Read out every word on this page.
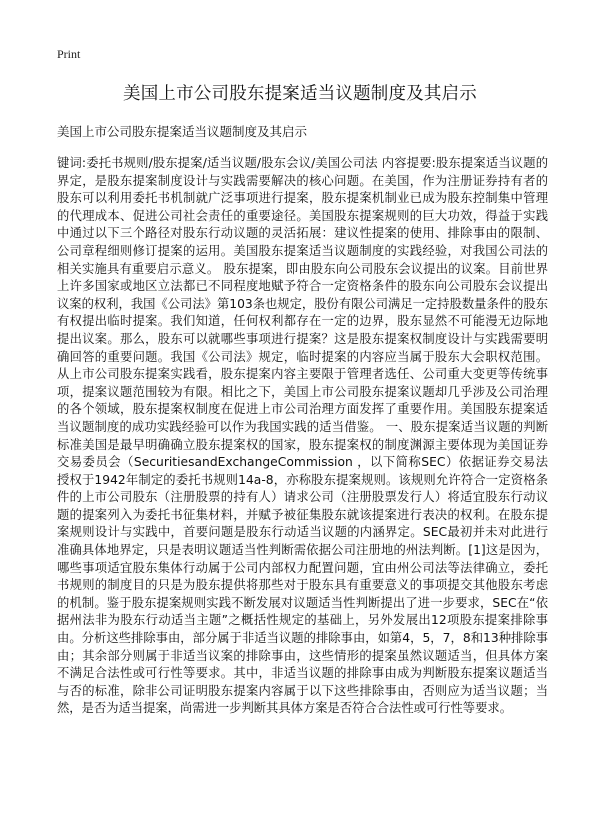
Print
美国上市公司股东提案适当议题制度及其启示
美国上市公司股东提案适当议题制度及其启示

键词:委托书规则/股东提案/适当议题/股东会议/美国公司法 内容提要:股东提案适当议题的界定，是股东提案制度设计与实践需要解决的核心问题。在美国，作为注册证券持有者的股东可以利用委托书机制就广泛事项进行提案，股东提案机制业已成为股东控制集中管理的代理成本、促进公司社会责任的重要途径。美国股东提案规则的巨大功效，得益于实践中通过以下三个路径对股东行动议题的灵活拓展：建议性提案的使用、排除事由的限制、公司章程细则修订提案的运用。美国股东提案适当议题制度的实践经验，对我国公司法的相关实施具有重要启示意义。 股东提案，即由股东向公司股东会议提出的议案。目前世界上许多国家或地区立法都已不同程度地赋予符合一定资格条件的股东向公司股东会议提出议案的权利，我国《公司法》第103条也规定，股份有限公司满足一定持股数量条件的股东有权提出临时提案。我们知道，任何权利都存在一定的边界，股东显然不可能漫无边际地提出议案。那么，股东可以就哪些事项进行提案？这是股东提案权制度设计与实践需要明确回答的重要问题。我国《公司法》规定，临时提案的内容应当属于股东大会职权范围。从上市公司股东提案实践看，股东提案内容主要限于管理者选任、公司重大变更等传统事项，提案议题范围较为有限。相比之下，美国上市公司股东提案议题却几乎涉及公司治理的各个领域，股东提案权制度在促进上市公司治理方面发挥了重要作用。美国股东提案适当议题制度的成功实践经验可以作为我国实践的适当借鉴。 一、股东提案适当议题的判断标准美国是最早明确确立股东提案权的国家，股东提案权的制度渊源主要体现为美国证券交易委员会（SecuritiesandExchangeCommission ，以下简称SEC）依据证券交易法授权于1942年制定的委托书规则14a-8，亦称股东提案规则。该规则允许符合一定资格条件的上市公司股东（注册股票的持有人）请求公司（注册股票发行人）将适宜股东行动议题的提案列入为委托书征集材料，并赋予被征集股东就该提案进行表决的权利。在股东提案规则设计与实践中，首要问题是股东行动适当议题的内涵界定。SEC最初并未对此进行准确具体地界定，只是表明议题适当性判断需依据公司注册地的州法判断。[1]这是因为，哪些事项适宜股东集体行动属于公司内部权力配置问题，宜由州公司法等法律确立，委托书规则的制度目的只是为股东提供将那些对于股东具有重要意义的事项提交其他股东考虑的机制。鉴于股东提案规则实践不断发展对议题适当性判断提出了进一步要求，SEC在“依据州法非为股东行动适当主题”之概括性规定的基础上，另外发展出12项股东提案排除事由。分析这些排除事由，部分属于非适当议题的排除事由，如第4，5，7，8和13种排除事由；其余部分则属于非适当议案的排除事由，这些情形的提案虽然议题适当，但具体方案不满足合法性或可行性等要求。其中，非适当议题的排除事由成为判断股东提案议题适当与否的标准，除非公司证明股东提案内容属于以下这些排除事由，否则应为适当议题；当然，是否为适当提案，尚需进一步判断其具体方案是否符合合法性或可行性等要求。
